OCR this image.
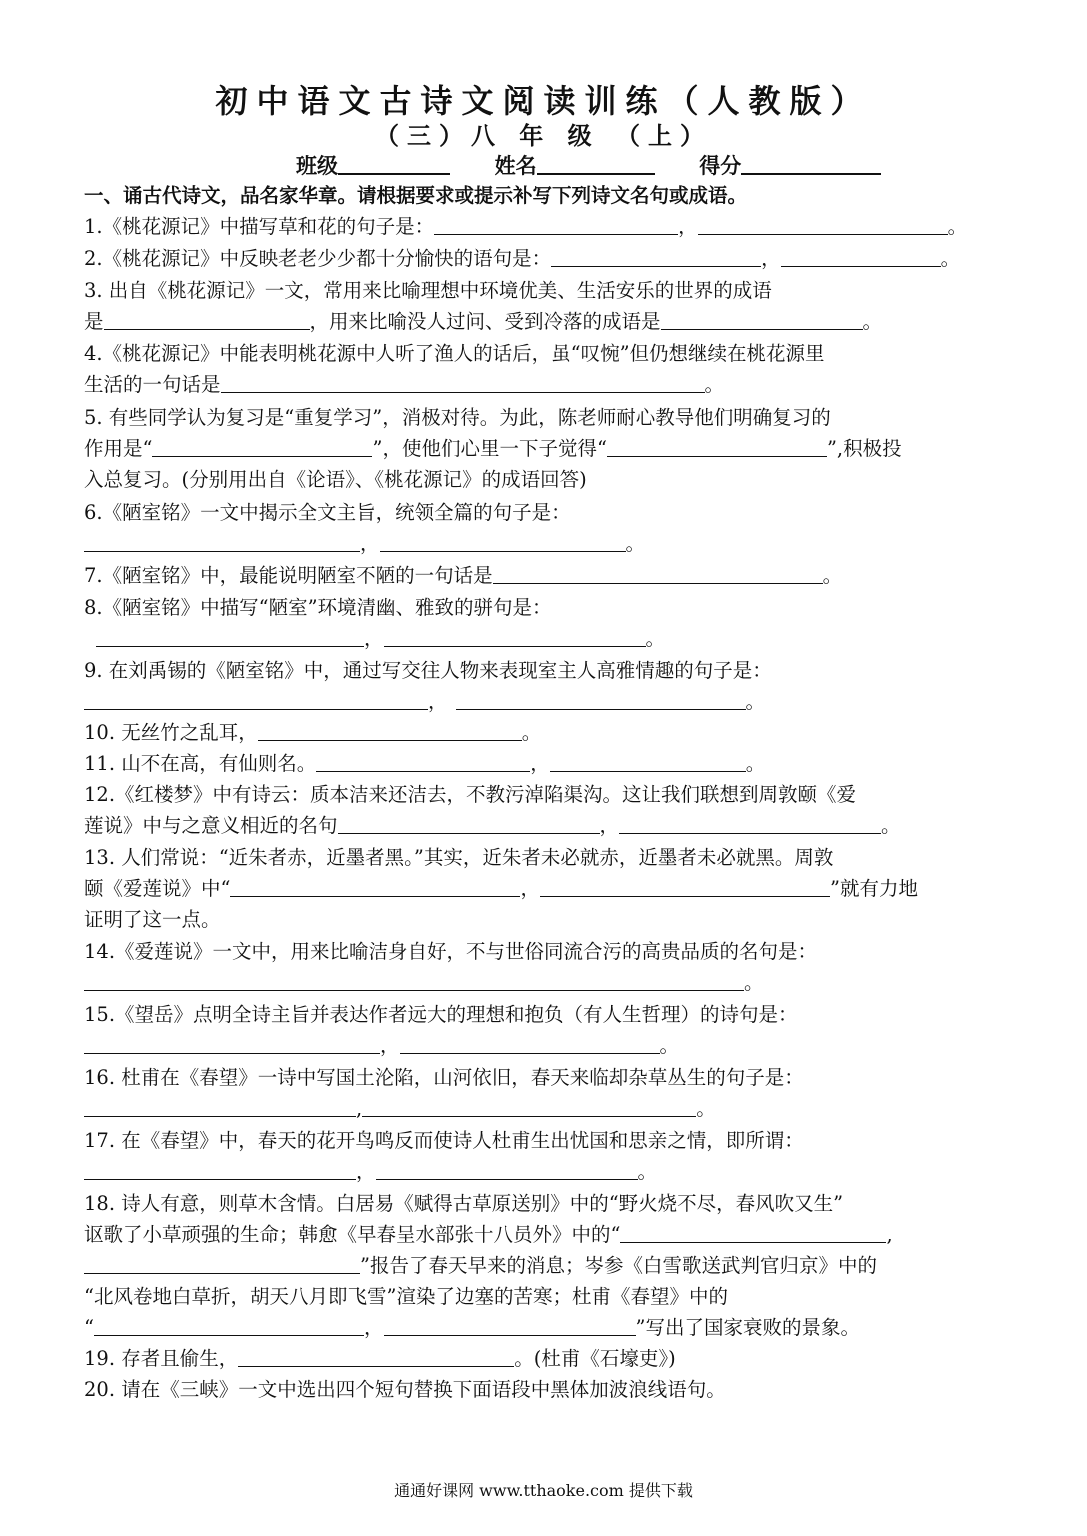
初中语文古诗文阅读训练（人教版）
（三）八 年 级 （上）
班级	姓名	得分
一、诵古代诗文，品名家华章。请根据要求或提示补写下列诗文名句或成语。
1.《桃花源记》中描写草和花的句子是：	，	。
2.《桃花源记》中反映老老少少都十分愉快的语句是：	，	。
3. 出自《桃花源记》一文，常用来比喻理想中环境优美、生活安乐的世界的成语
是	，用来比喻没人过问、受到冷落的成语是	。
4.《桃花源记》中能表明桃花源中人听了渔人的话后，虽“叹惋”但仍想继续在桃花源里
生活的一句话是	。
5. 有些同学认为复习是“重复学习”，消极对待。为此，陈老师耐心教导他们明确复习的
作用是“	”，使他们心里一下子觉得“	”,积极投
入总复习。(分别用出自《论语》、《桃花源记》的成语回答)
6.《陋室铭》一文中揭示全文主旨，统领全篇的句子是：
，	。
7.《陋室铭》中，最能说明陋室不陋的一句话是	。
8.《陋室铭》中描写“陋室”环境清幽、雅致的骈句是：
，	。
9. 在刘禹锡的《陋室铭》中，通过写交往人物来表现室主人高雅情趣的句子是：
，	。
10. 无丝竹之乱耳，	。
11. 山不在高，有仙则名。	，	。
12.《红楼梦》中有诗云：质本洁来还洁去，不教污淖陷渠沟。这让我们联想到周敦颐《爱
莲说》中与之意义相近的名句	，	。
13. 人们常说：“近朱者赤，近墨者黑。”其实，近朱者未必就赤，近墨者未必就黑。周敦
颐《爱莲说》中“	，	”就有力地
证明了这一点。
14.《爱莲说》一文中，用来比喻洁身自好，不与世俗同流合污的高贵品质的名句是：
。
15.《望岳》点明全诗主旨并表达作者远大的理想和抱负（有人生哲理）的诗句是：
，	。
16. 杜甫在《春望》一诗中写国土沦陷，山河依旧，春天来临却杂草丛生的句子是：
,	。
17. 在《春望》中，春天的花开鸟鸣反而使诗人杜甫生出忧国和思亲之情，即所谓：
，	。
18. 诗人有意，则草木含情。白居易《赋得古草原送别》中的“野火烧不尽，春风吹又生”
讴歌了小草顽强的生命；韩愈《早春呈水部张十八员外》中的“	,
”报告了春天早来的消息；岑参《白雪歌送武判官归京》中的
“北风卷地白草折，胡天八月即飞雪”渲染了边塞的苦寒；杜甫《春望》中的
“	，	”写出了国家衰败的景象。
19. 存者且偷生，	。(杜甫《石壕吏》)
20. 请在《三峡》一文中选出四个短句替换下面语段中黑体加波浪线语句。
通通好课网 www.tthaoke.com 提供下载
